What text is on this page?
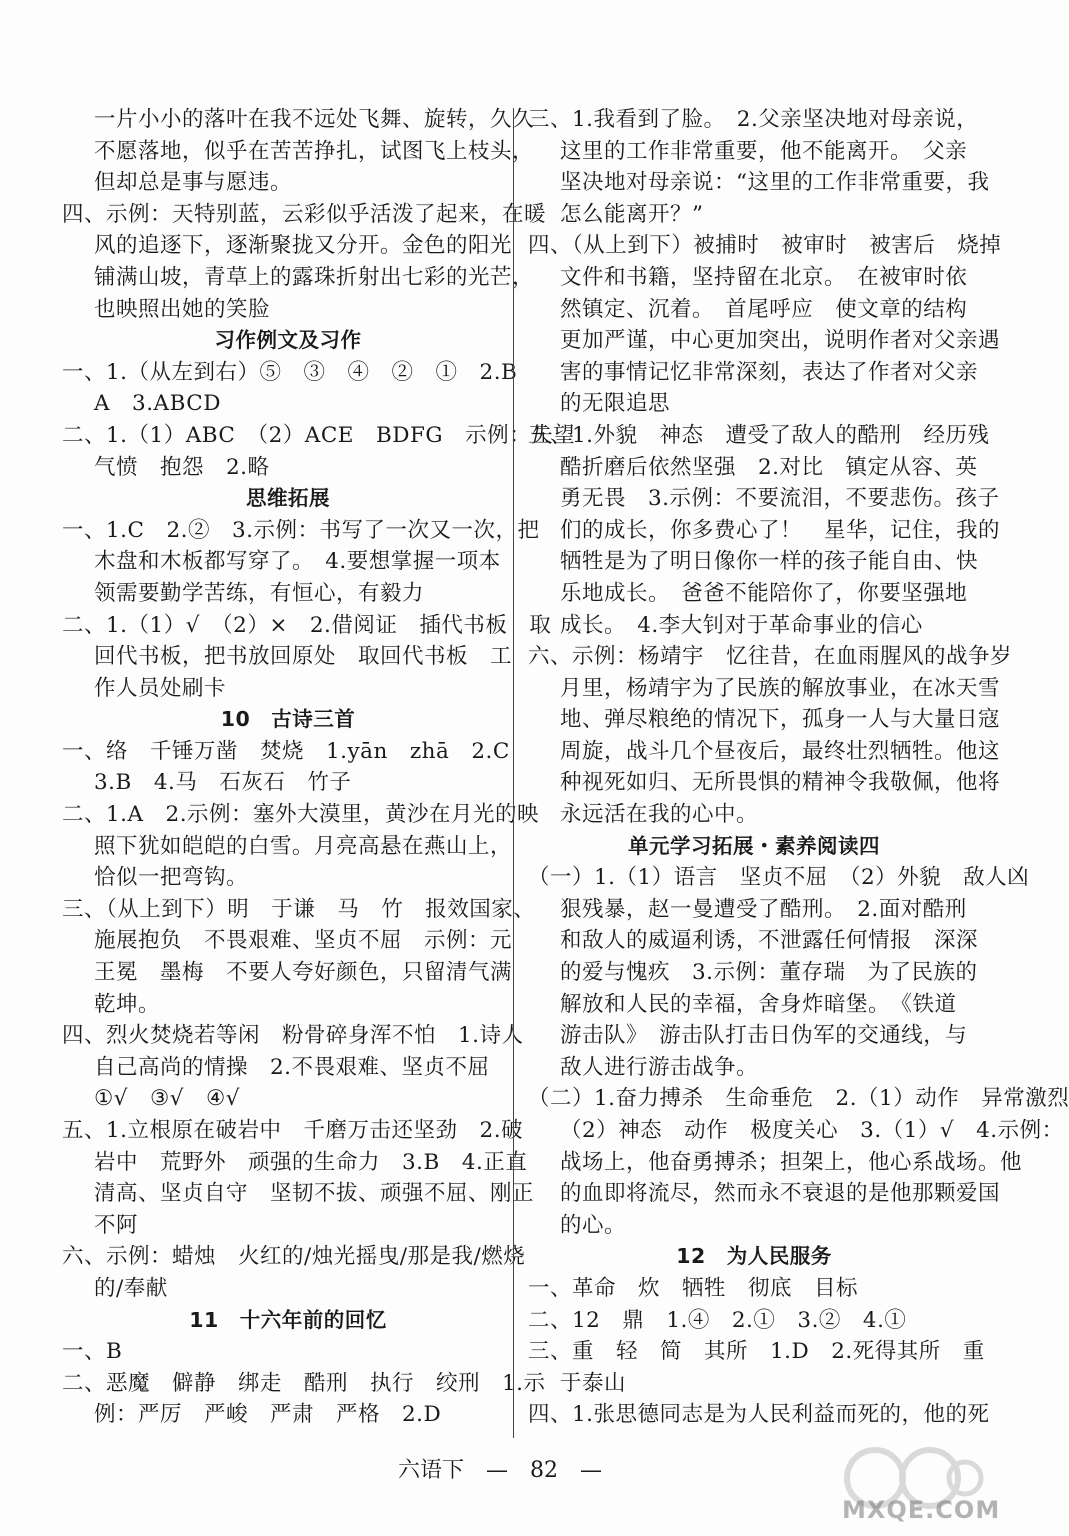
一片小小的落叶在我不远处飞舞、旋转，久久
不愿落地，似乎在苦苦挣扎，试图飞上枝头，
但却总是事与愿违。
四、示例：天特别蓝，云彩似乎活泼了起来，在暖
风的追逐下，逐渐聚拢又分开。金色的阳光
铺满山坡，青草上的露珠折射出七彩的光芒，
也映照出她的笑脸
习作例文及习作
一、1.（从左到右）⑤　③　④　②　①　2.B
A　3.ABCD
二、1.（1）ABC　（2）ACE　BDFG　示例：失望
气愤　抱怨　2.略
思维拓展
一、1.C　2.②　3.示例：书写了一次又一次，把
木盘和木板都写穿了。　4.要想掌握一项本
领需要勤学苦练，有恒心，有毅力
二、1.（1）√　（2）×　2.借阅证　插代书板　取
回代书板，把书放回原处　取回代书板　工
作人员处刷卡
10　古诗三首
一、络　千锤万凿　焚烧　1.yān　zhā　2.C
3.B　4.马　石灰石　竹子
二、1.A　2.示例：塞外大漠里，黄沙在月光的映
照下犹如皑皑的白雪。月亮高悬在燕山上，
恰似一把弯钩。
三、（从上到下）明　于谦　马　竹　报效国家、
施展抱负　不畏艰难、坚贞不屈　示例：元
王冕　墨梅　不要人夸好颜色，只留清气满
乾坤。
四、烈火焚烧若等闲　粉骨碎身浑不怕　1.诗人
自己高尚的情操　2.不畏艰难、坚贞不屈
①√　③√　④√
五、1.立根原在破岩中　千磨万击还坚劲　2.破
岩中　荒野外　顽强的生命力　3.B　4.正直
清高、坚贞自守　坚韧不拔、顽强不屈、刚正
不阿
六、示例：蜡烛　火红的/烛光摇曳/那是我/燃烧
的/奉献
11　十六年前的回忆
一、B
二、恶魔　僻静　绑走　酷刑　执行　绞刑　1.示
例：严厉　严峻　严肃　严格　2.D
三、1.我看到了脸。　2.父亲坚决地对母亲说，
这里的工作非常重要，他不能离开。　父亲
坚决地对母亲说：“这里的工作非常重要，我
怎么能离开？”
四、（从上到下）被捕时　被审时　被害后　烧掉
文件和书籍，坚持留在北京。　在被审时依
然镇定、沉着。　首尾呼应　使文章的结构
更加严谨，中心更加突出，说明作者对父亲遇
害的事情记忆非常深刻，表达了作者对父亲
的无限追思
五、1.外貌　神态　遭受了敌人的酷刑　经历残
酷折磨后依然坚强　2.对比　镇定从容、英
勇无畏　3.示例：不要流泪，不要悲伤。孩子
们的成长，你多费心了！　星华，记住，我的
牺牲是为了明日像你一样的孩子能自由、快
乐地成长。　爸爸不能陪你了，你要坚强地
成长。　4.李大钊对于革命事业的信心
六、示例：杨靖宇　忆往昔，在血雨腥风的战争岁
月里，杨靖宇为了民族的解放事业，在冰天雪
地、弹尽粮绝的情况下，孤身一人与大量日寇
周旋，战斗几个昼夜后，最终壮烈牺牲。他这
种视死如归、无所畏惧的精神令我敬佩，他将
永远活在我的心中。
单元学习拓展・素养阅读四
（一）1.（1）语言　坚贞不屈　（2）外貌　敌人凶
狠残暴，赵一曼遭受了酷刑。　2.面对酷刑
和敌人的威逼利诱，不泄露任何情报　深深
的爱与愧疚　3.示例：董存瑞　为了民族的
解放和人民的幸福，舍身炸暗堡。　《铁道
游击队》　游击队打击日伪军的交通线，与
敌人进行游击战争。
（二）1.奋力搏杀　生命垂危　2.（1）动作　异常激烈
（2）神态　动作　极度关心　3.（1）√　4.示例：
战场上，他奋勇搏杀；担架上，他心系战场。他
的血即将流尽，然而永不衰退的是他那颗爱国
的心。
12　为人民服务
一、革命　炊　牺牲　彻底　目标
二、12　鼎　1.④　2.①　3.②　4.①
三、重　轻　简　其所　1.D　2.死得其所　重
于泰山
四、1.张思德同志是为人民利益而死的，他的死
六语下　—　82　—
MXQE.COM
